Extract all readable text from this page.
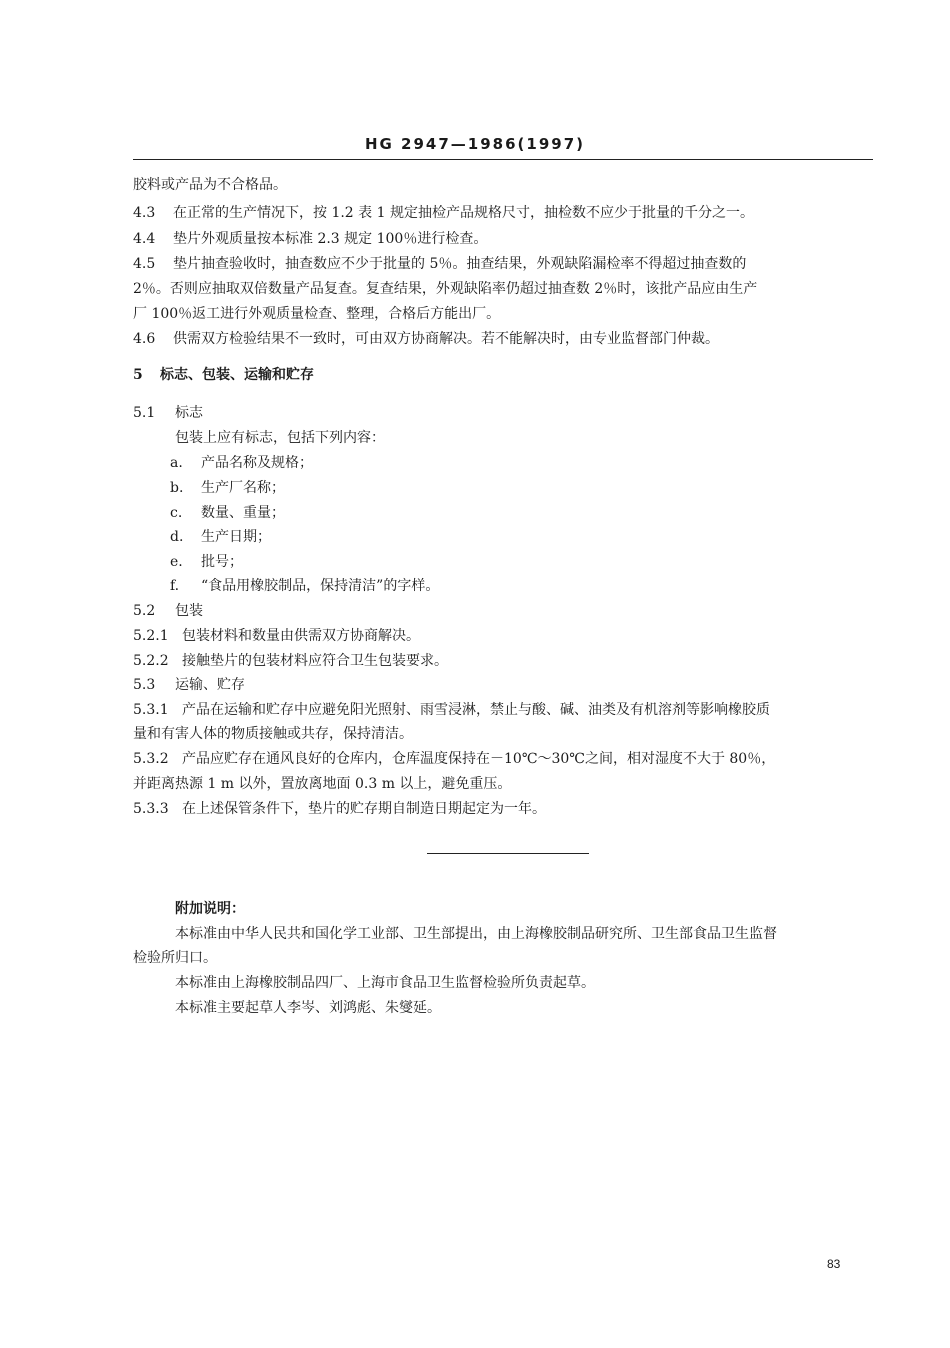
HG 2947—1986(1997)
胶料或产品为不合格品。
4.3 在正常的生产情况下，按 1.2 表 1 规定抽检产品规格尺寸，抽检数不应少于批量的千分之一。
4.4 垫片外观质量按本标准 2.3 规定 100％进行检查。
4.5 垫片抽查验收时，抽查数应不少于批量的 5％。抽查结果，外观缺陷漏检率不得超过抽查数的
2％。否则应抽取双倍数量产品复查。复查结果，外观缺陷率仍超过抽查数 2％时，该批产品应由生产
厂 100％返工进行外观质量检查、整理，合格后方能出厂。
4.6 供需双方检验结果不一致时，可由双方协商解决。若不能解决时，由专业监督部门仲裁。
5 标志、包装、运输和贮存
5.1 标志
包装上应有标志，包括下列内容：
a. 产品名称及规格；
b. 生产厂名称；
c. 数量、重量；
d. 生产日期；
e. 批号；
f. “食品用橡胶制品，保持清洁”的字样。
5.2 包装
5.2.1 包装材料和数量由供需双方协商解决。
5.2.2 接触垫片的包装材料应符合卫生包装要求。
5.3 运输、贮存
5.3.1 产品在运输和贮存中应避免阳光照射、雨雪浸淋，禁止与酸、碱、油类及有机溶剂等影响橡胶质
量和有害人体的物质接触或共存，保持清洁。
5.3.2 产品应贮存在通风良好的仓库内，仓库温度保持在－10℃～30℃之间，相对湿度不大于 80％，
并距离热源 1 m 以外，置放离地面 0.3 m 以上，避免重压。
5.3.3 在上述保管条件下，垫片的贮存期自制造日期起定为一年。
附加说明：
本标准由中华人民共和国化学工业部、卫生部提出，由上海橡胶制品研究所、卫生部食品卫生监督
检验所归口。
本标准由上海橡胶制品四厂、上海市食品卫生监督检验所负责起草。
本标准主要起草人李岑、刘鸿彪、朱燮延。
83
